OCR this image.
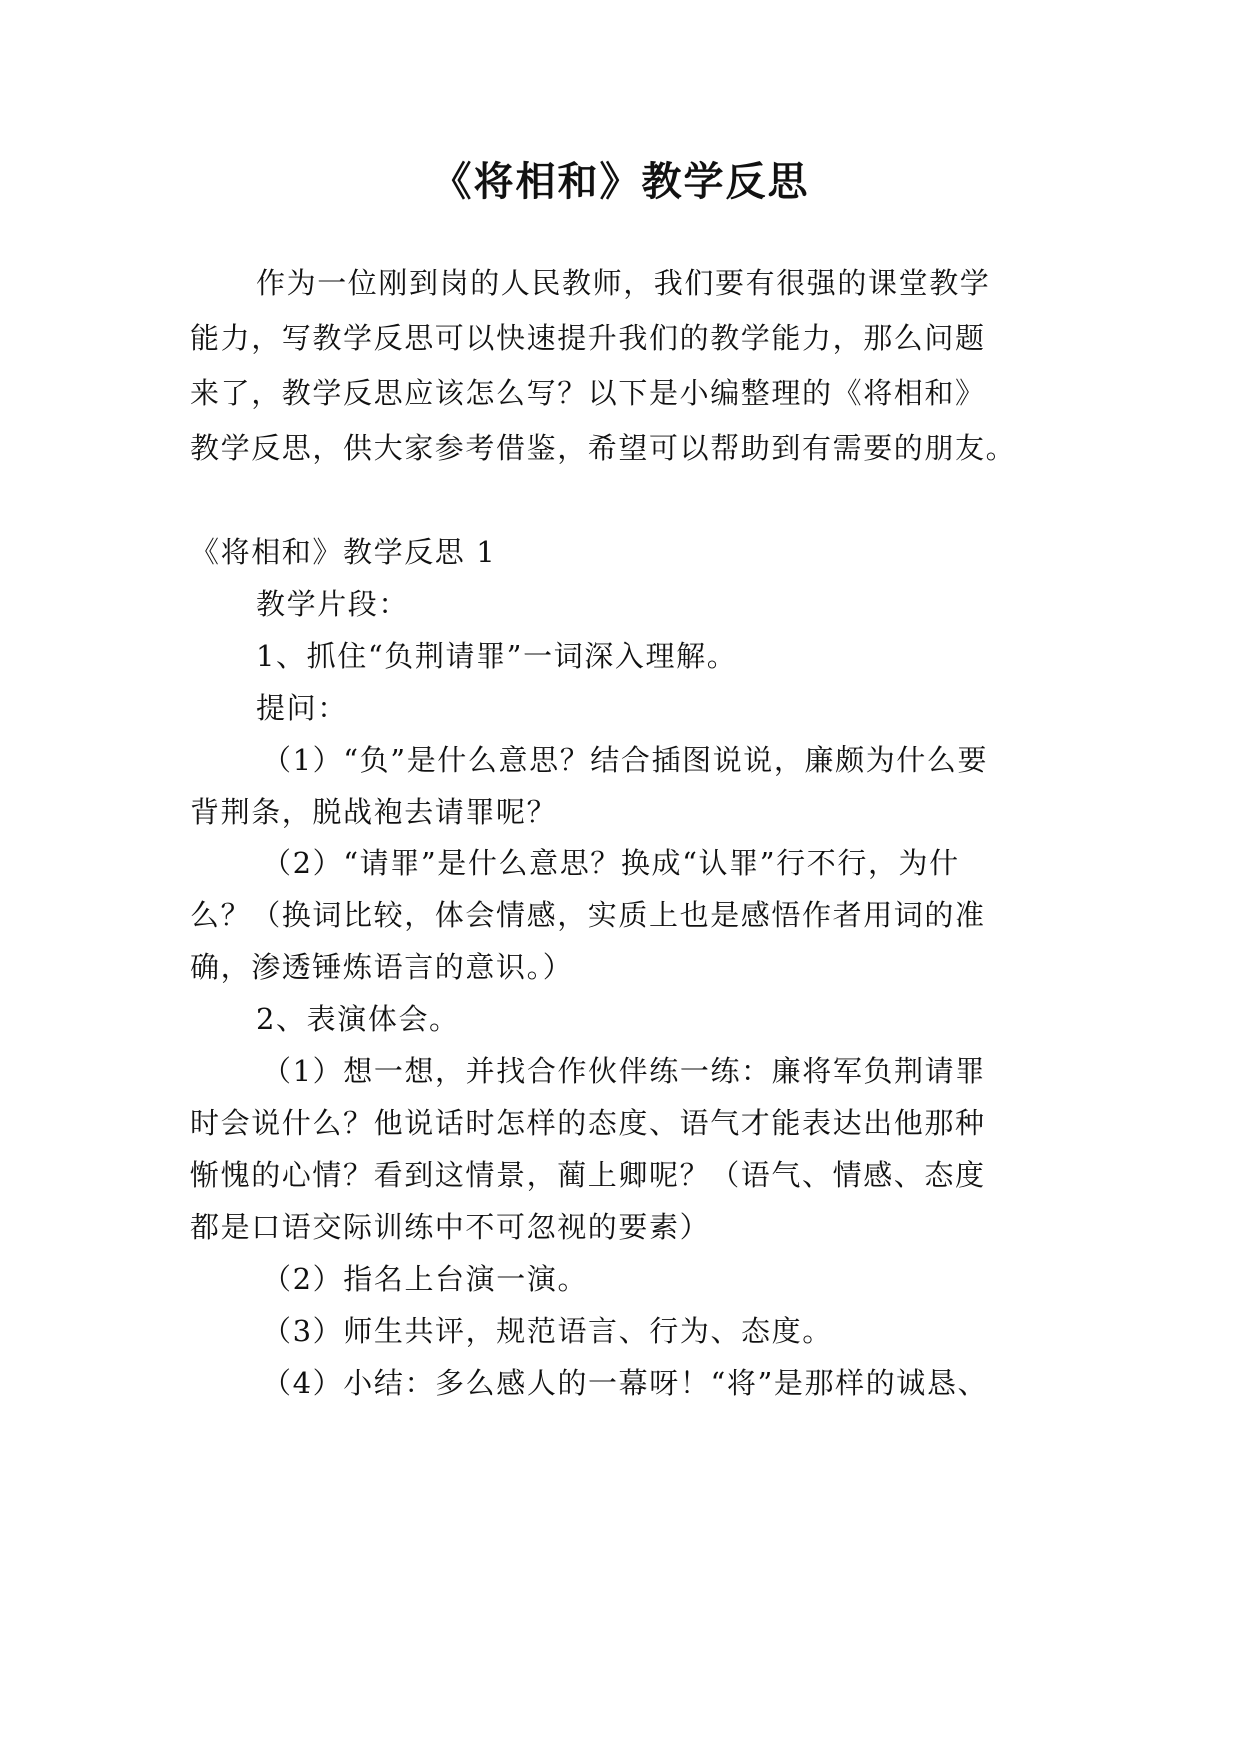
《将相和》教学反思

作为一位刚到岗的人民教师，我们要有很强的课堂教学

能力，写教学反思可以快速提升我们的教学能力，那么问题

来了，教学反思应该怎么写？以下是小编整理的《将相和》

教学反思，供大家参考借鉴，希望可以帮助到有需要的朋友。

《将相和》教学反思 1

教学片段：

1、抓住“负荆请罪”一词深入理解。

提问：

（1）“负”是什么意思？结合插图说说，廉颇为什么要

背荆条，脱战袍去请罪呢？

（2）“请罪”是什么意思？换成“认罪”行不行，为什

么？（换词比较，体会情感，实质上也是感悟作者用词的准

确，渗透锤炼语言的意识。）

2、表演体会。

（1）想一想，并找合作伙伴练一练：廉将军负荆请罪

时会说什么？他说话时怎样的态度、语气才能表达出他那种

惭愧的心情？看到这情景，蔺上卿呢？（语气、情感、态度

都是口语交际训练中不可忽视的要素）

（2）指名上台演一演。

（3）师生共评，规范语言、行为、态度。

（4）小结：多么感人的一幕呀！“将”是那样的诚恳、
